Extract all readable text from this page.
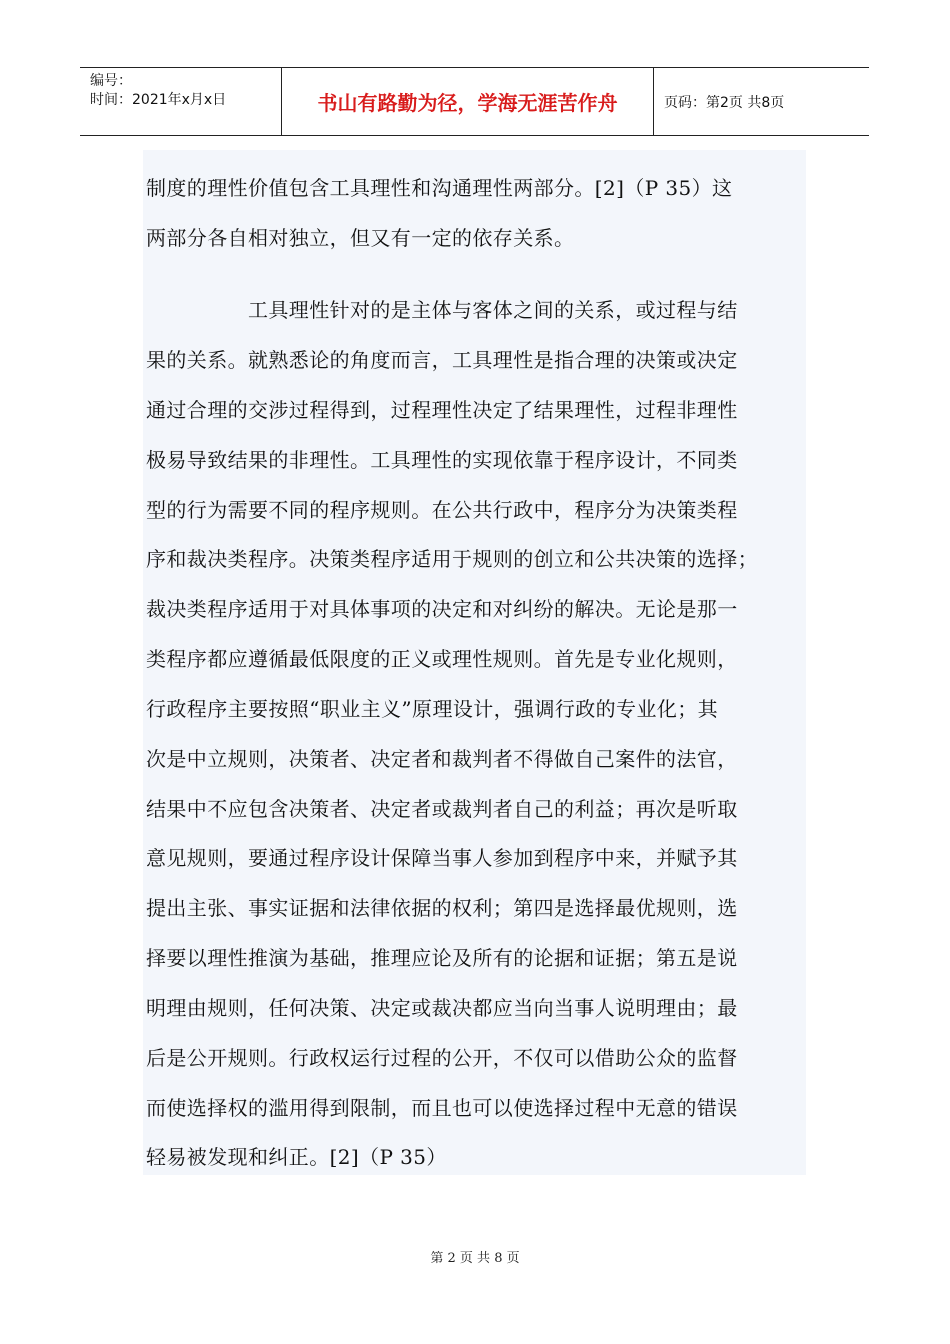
编号：
时间：2021年x月x日	书山有路勤为径，学海无涯苦作舟	页码：第2页 共8页
制度的理性价值包含工具理性和沟通理性两部分。[2]（P 35）这
两部分各自相对独立，但又有一定的依存关系。
工具理性针对的是主体与客体之间的关系，或过程与结
果的关系。就熟悉论的角度而言，工具理性是指合理的决策或决定
通过合理的交涉过程得到，过程理性决定了结果理性，过程非理性
极易导致结果的非理性。工具理性的实现依靠于程序设计，不同类
型的行为需要不同的程序规则。在公共行政中，程序分为决策类程
序和裁决类程序。决策类程序适用于规则的创立和公共决策的选择；
裁决类程序适用于对具体事项的决定和对纠纷的解决。无论是那一
类程序都应遵循最低限度的正义或理性规则。首先是专业化规则，
行政程序主要按照“职业主义”原理设计，强调行政的专业化；其
次是中立规则，决策者、决定者和裁判者不得做自己案件的法官，
结果中不应包含决策者、决定者或裁判者自己的利益；再次是听取
意见规则，要通过程序设计保障当事人参加到程序中来，并赋予其
提出主张、事实证据和法律依据的权利；第四是选择最优规则，选
择要以理性推演为基础，推理应论及所有的论据和证据；第五是说
明理由规则，任何决策、决定或裁决都应当向当事人说明理由；最
后是公开规则。行政权运行过程的公开，不仅可以借助公众的监督
而使选择权的滥用得到限制，而且也可以使选择过程中无意的错误
轻易被发现和纠正。[2]（P 35）
第 2 页 共 8 页
